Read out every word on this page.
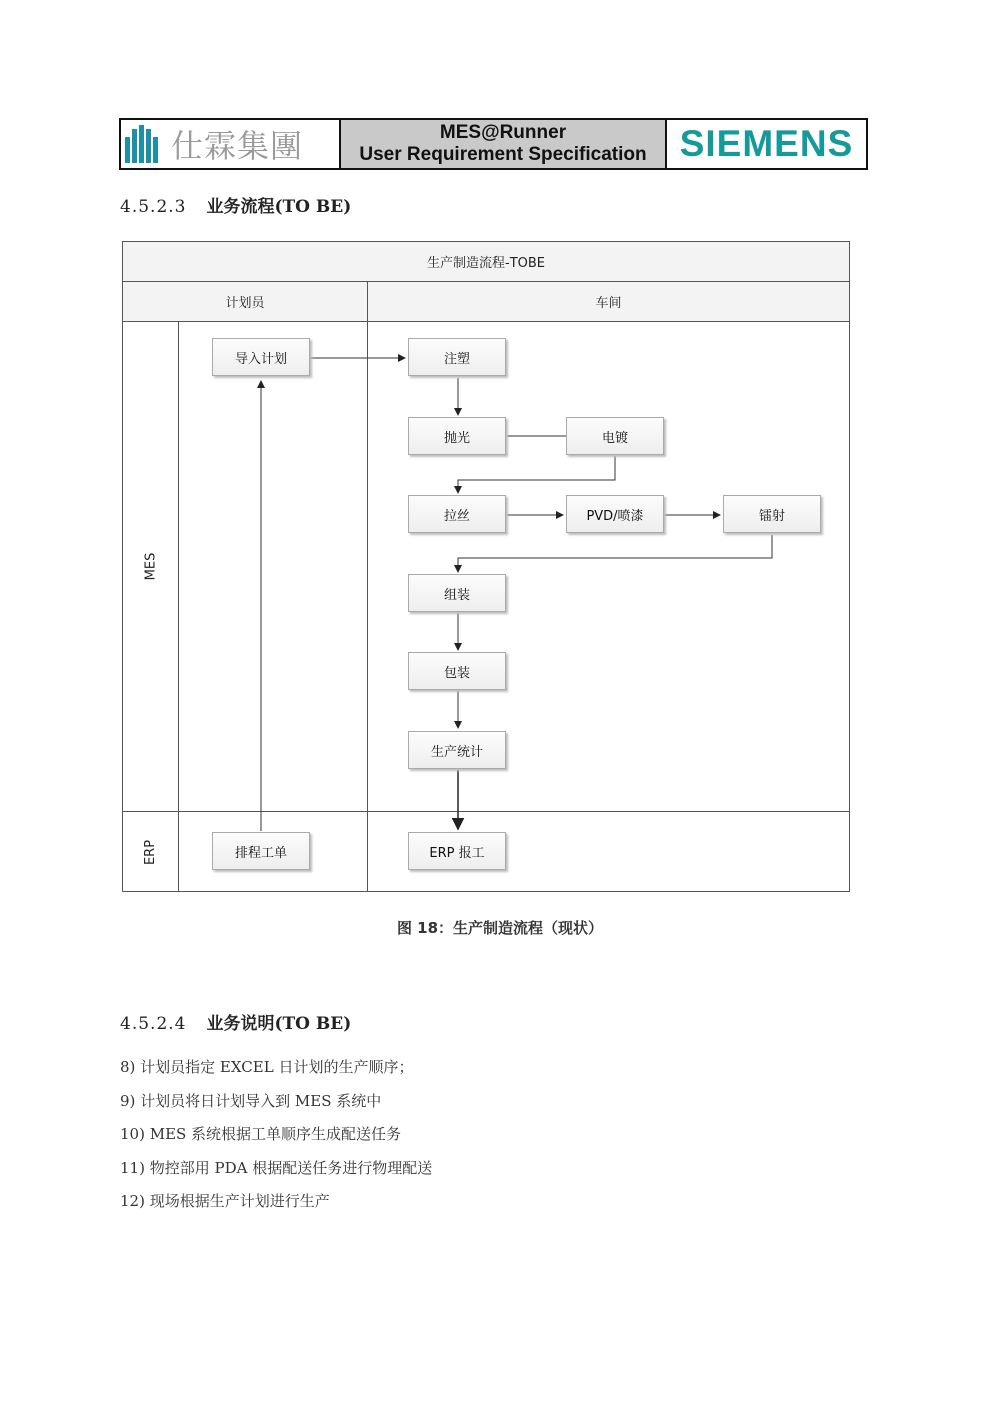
仕霖集團	MES@Runner
User Requirement Specification SIEMENS
4.5.2.3 业务流程(TO BE)
生产制造流程-TOBE
计划员	车间
MES
ERP
导入计划	注塑
抛光	电镀
拉丝	PVD/喷漆	镭射
组装
包装
生产统计
排程工单	ERP 报工
图 18：生产制造流程（现状）
4.5.2.4 业务说明(TO BE)
8) 计划员指定 EXCEL 日计划的生产顺序；
9) 计划员将日计划导入到 MES 系统中
10) MES 系统根据工单顺序生成配送任务
11) 物控部用 PDA 根据配送任务进行物理配送
12) 现场根据生产计划进行生产
